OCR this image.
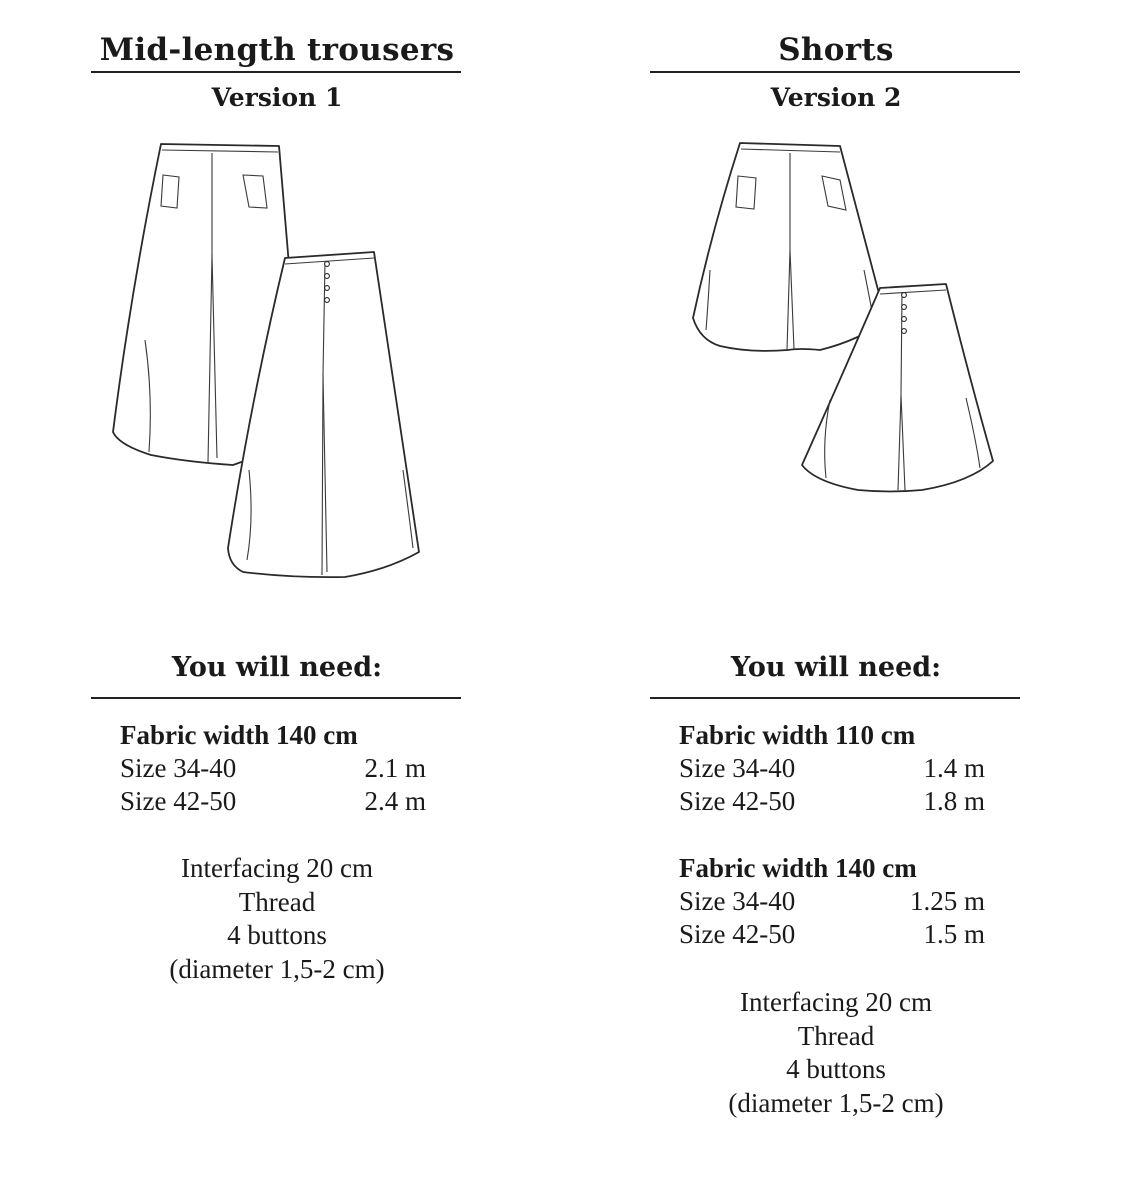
Mid-length trousers
Version 1
You will need:
Fabric width 140 cm
Size 34-40	2.1 m
Size 42-50	2.4 m
Interfacing 20 cm
Thread
4 buttons
(diameter 1,5-2 cm)
Shorts
Version 2
You will need:
Fabric width 110 cm
Size 34-40	1.4 m
Size 42-50	1.8 m
Fabric width 140 cm
Size 34-40	1.25 m
Size 42-50	1.5 m
Interfacing 20 cm
Thread
4 buttons
(diameter 1,5-2 cm)
